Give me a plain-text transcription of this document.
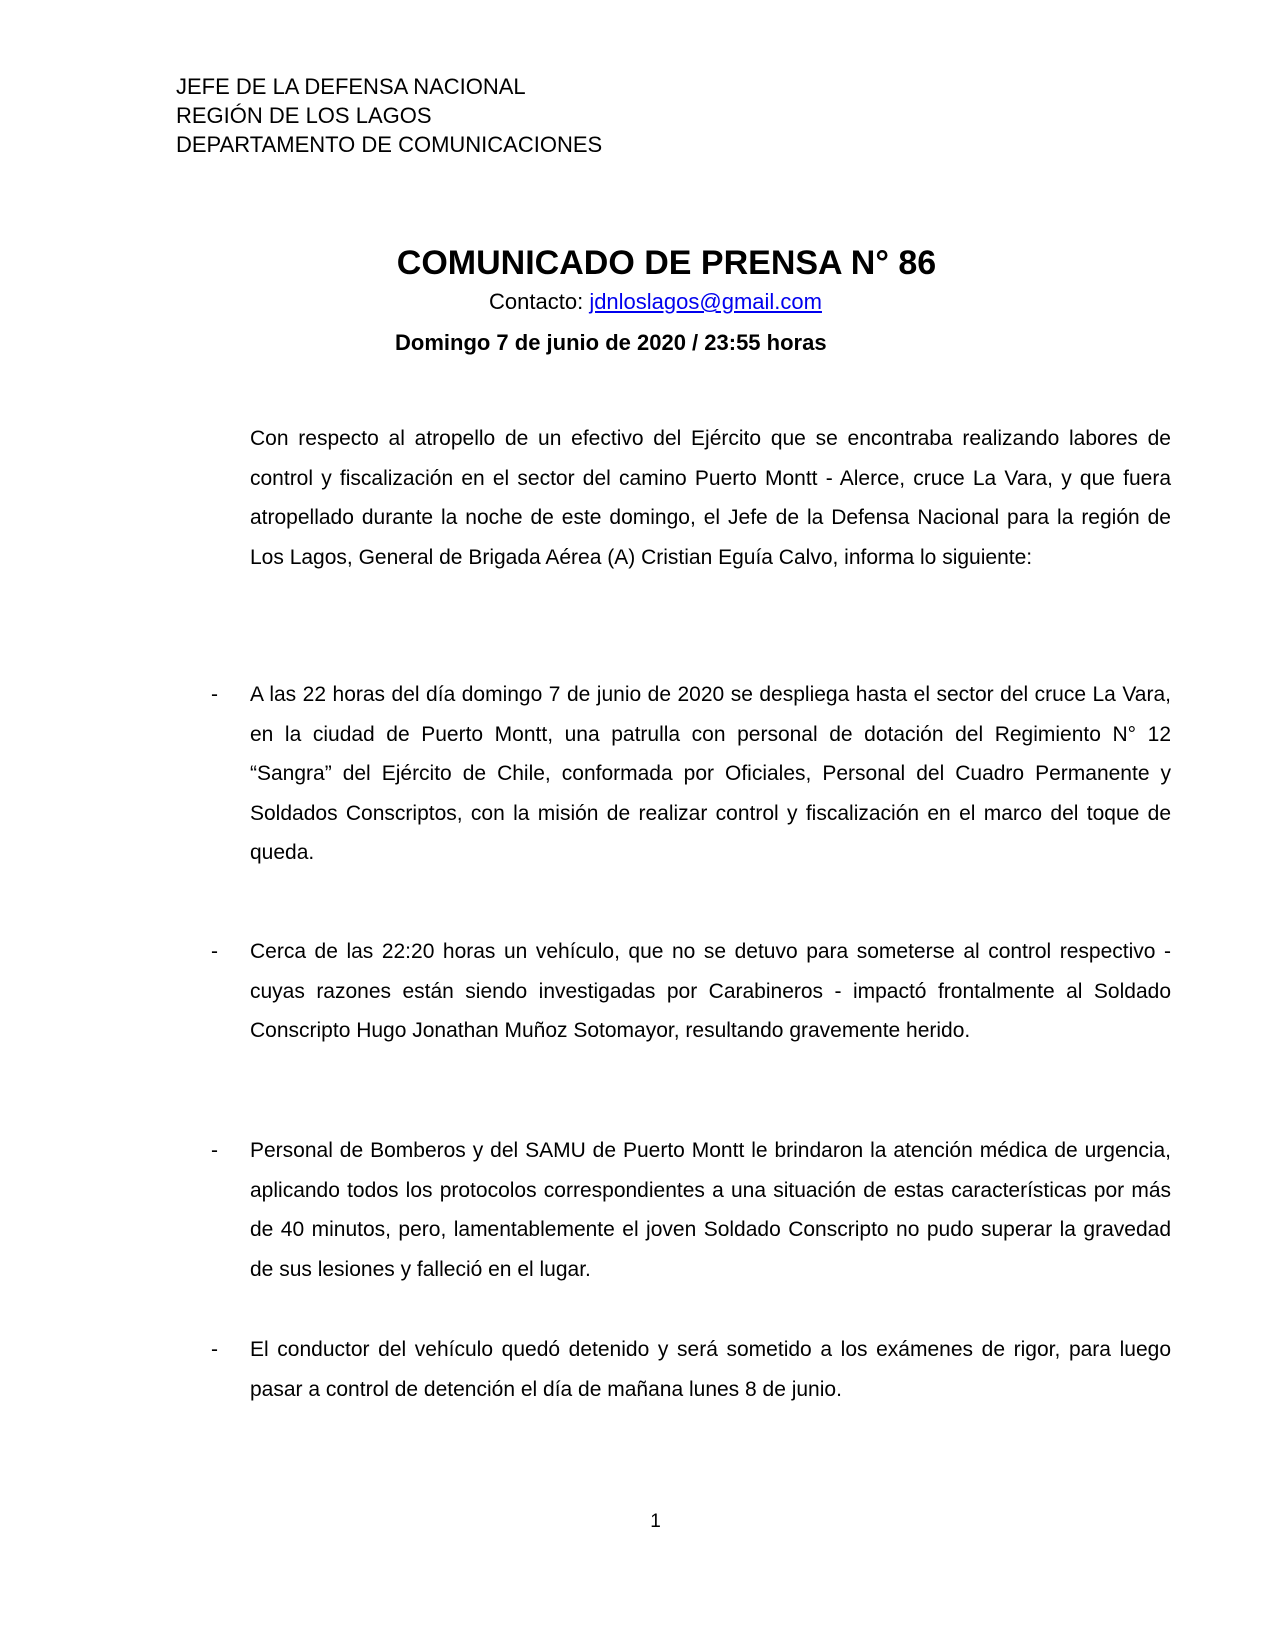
JEFE DE LA DEFENSA NACIONAL
REGIÓN DE LOS LAGOS
DEPARTAMENTO DE COMUNICACIONES
COMUNICADO DE PRENSA N° 86
Contacto: jdnloslagos@gmail.com
Domingo 7 de junio de 2020 / 23:55 horas
Con respecto al atropello de un efectivo del Ejército que se encontraba realizando labores de control y fiscalización en el sector del camino Puerto Montt - Alerce, cruce La Vara, y que fuera atropellado durante la noche de este domingo, el Jefe de la Defensa Nacional para la región de Los Lagos, General de Brigada Aérea (A) Cristian Eguía Calvo, informa lo siguiente:
- A las 22 horas del día domingo 7 de junio de 2020 se despliega hasta el sector del cruce La Vara, en la ciudad de Puerto Montt, una patrulla con personal de dotación del Regimiento N° 12 “Sangra” del Ejército de Chile, conformada por Oficiales, Personal del Cuadro Permanente y Soldados Conscriptos, con la misión de realizar control y fiscalización en el marco del toque de queda.
- Cerca de las 22:20 horas un vehículo, que no se detuvo para someterse al control respectivo - cuyas razones están siendo investigadas por Carabineros - impactó frontalmente al Soldado Conscripto Hugo Jonathan Muñoz Sotomayor, resultando gravemente herido.
- Personal de Bomberos y del SAMU de Puerto Montt le brindaron la atención médica de urgencia, aplicando todos los protocolos correspondientes a una situación de estas características por más de 40 minutos, pero, lamentablemente el joven Soldado Conscripto no pudo superar la gravedad de sus lesiones y falleció en el lugar.
- El conductor del vehículo quedó detenido y será sometido a los exámenes de rigor, para luego pasar a control de detención el día de mañana lunes 8 de junio.
1
